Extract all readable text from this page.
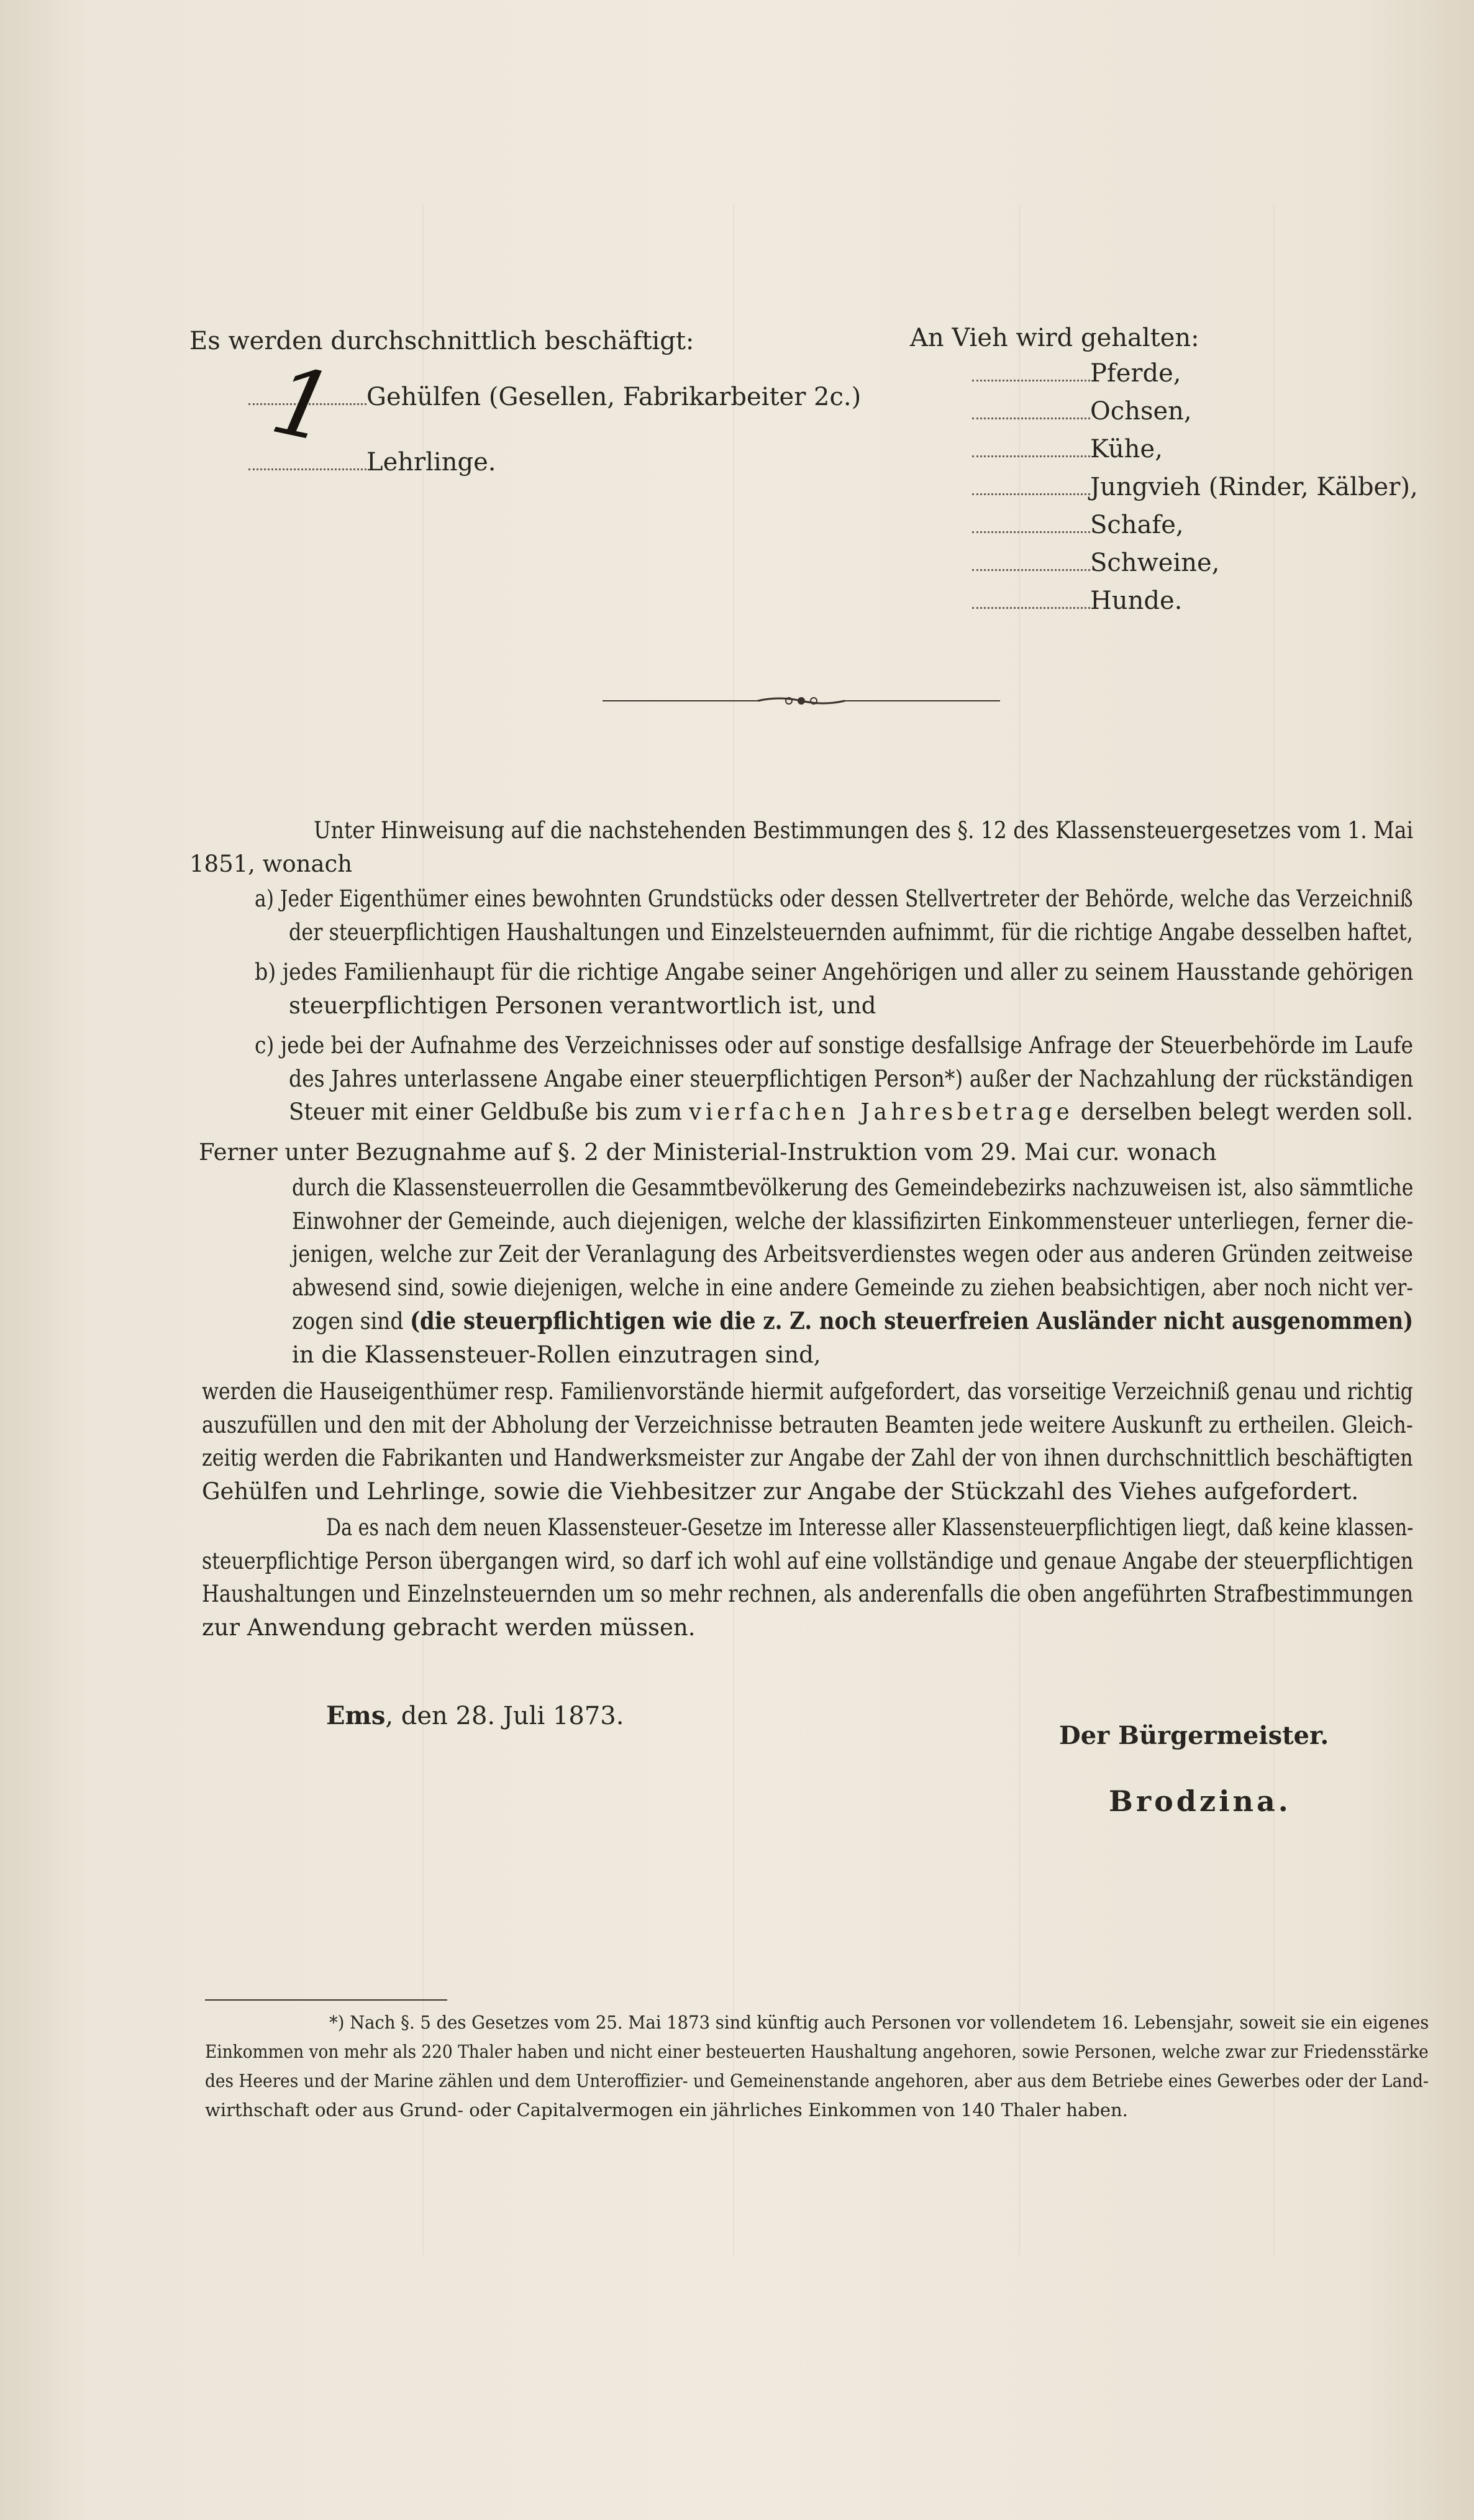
Es werden durchschnittlich beschäftigt:
Gehülfen (Gesellen, Fabrikarbeiter 2c.)
1 Lehrlinge.
An Vieh wird gehalten:
Pferde,
Ochsen,
Kühe,
Jungvieh (Rinder, Kälber),
Schafe,
Schweine,
Hunde.
Unter Hinweisung auf die nachstehenden Bestimmungen des §. 12 des Klassensteuergesetzes vom 1. Mai
1851, wonach
a) Jeder Eigenthümer eines bewohnten Grundstücks oder dessen Stellvertreter der Behörde, welche das Verzeichniß
der steuerpflichtigen Haushaltungen und Einzelsteuernden aufnimmt, für die richtige Angabe desselben haftet,
b) jedes Familienhaupt für die richtige Angabe seiner Angehörigen und aller zu seinem Hausstande gehörigen
steuerpflichtigen Personen verantwortlich ist, und
c) jede bei der Aufnahme des Verzeichnisses oder auf sonstige desfallsige Anfrage der Steuerbehörde im Laufe
des Jahres unterlassene Angabe einer steuerpflichtigen Person*) außer der Nachzahlung der rückständigen
Steuer mit einer Geldbuße bis zum vierfachen Jahresbetrage derselben belegt werden soll.
Ferner unter Bezugnahme auf §. 2 der Ministerial-Instruktion vom 29. Mai cur. wonach
durch die Klassensteuerrollen die Gesammtbevölkerung des Gemeindebezirks nachzuweisen ist, also sämmtliche
Einwohner der Gemeinde, auch diejenigen, welche der klassifizirten Einkommensteuer unterliegen, ferner die-
jenigen, welche zur Zeit der Veranlagung des Arbeitsverdienstes wegen oder aus anderen Gründen zeitweise
abwesend sind, sowie diejenigen, welche in eine andere Gemeinde zu ziehen beabsichtigen, aber noch nicht ver-
zogen sind (die steuerpflichtigen wie die z. Z. noch steuerfreien Ausländer nicht ausgenommen)
in die Klassensteuer-Rollen einzutragen sind,
werden die Hauseigenthümer resp. Familienvorstände hiermit aufgefordert, das vorseitige Verzeichniß genau und richtig
auszufüllen und den mit der Abholung der Verzeichnisse betrauten Beamten jede weitere Auskunft zu ertheilen. Gleich-
zeitig werden die Fabrikanten und Handwerksmeister zur Angabe der Zahl der von ihnen durchschnittlich beschäftigten
Gehülfen und Lehrlinge, sowie die Viehbesitzer zur Angabe der Stückzahl des Viehes aufgefordert.
Da es nach dem neuen Klassensteuer-Gesetze im Interesse aller Klassensteuerpflichtigen liegt, daß keine klassen-
steuerpflichtige Person übergangen wird, so darf ich wohl auf eine vollständige und genaue Angabe der steuerpflichtigen
Haushaltungen und Einzelnsteuernden um so mehr rechnen, als anderenfalls die oben angeführten Strafbestimmungen
zur Anwendung gebracht werden müssen.
Ems, den 28. Juli 1873.
Der Bürgermeister.
Brodzina.
*) Nach §. 5 des Gesetzes vom 25. Mai 1873 sind künftig auch Personen vor vollendetem 16. Lebensjahr, soweit sie ein eigenes
Einkommen von mehr als 220 Thaler haben und nicht einer besteuerten Haushaltung angehoren, sowie Personen, welche zwar zur Friedensstärke
des Heeres und der Marine zählen und dem Unteroffizier- und Gemeinenstande angehoren, aber aus dem Betriebe eines Gewerbes oder der Land-
wirthschaft oder aus Grund- oder Capitalvermogen ein jährliches Einkommen von 140 Thaler haben.
